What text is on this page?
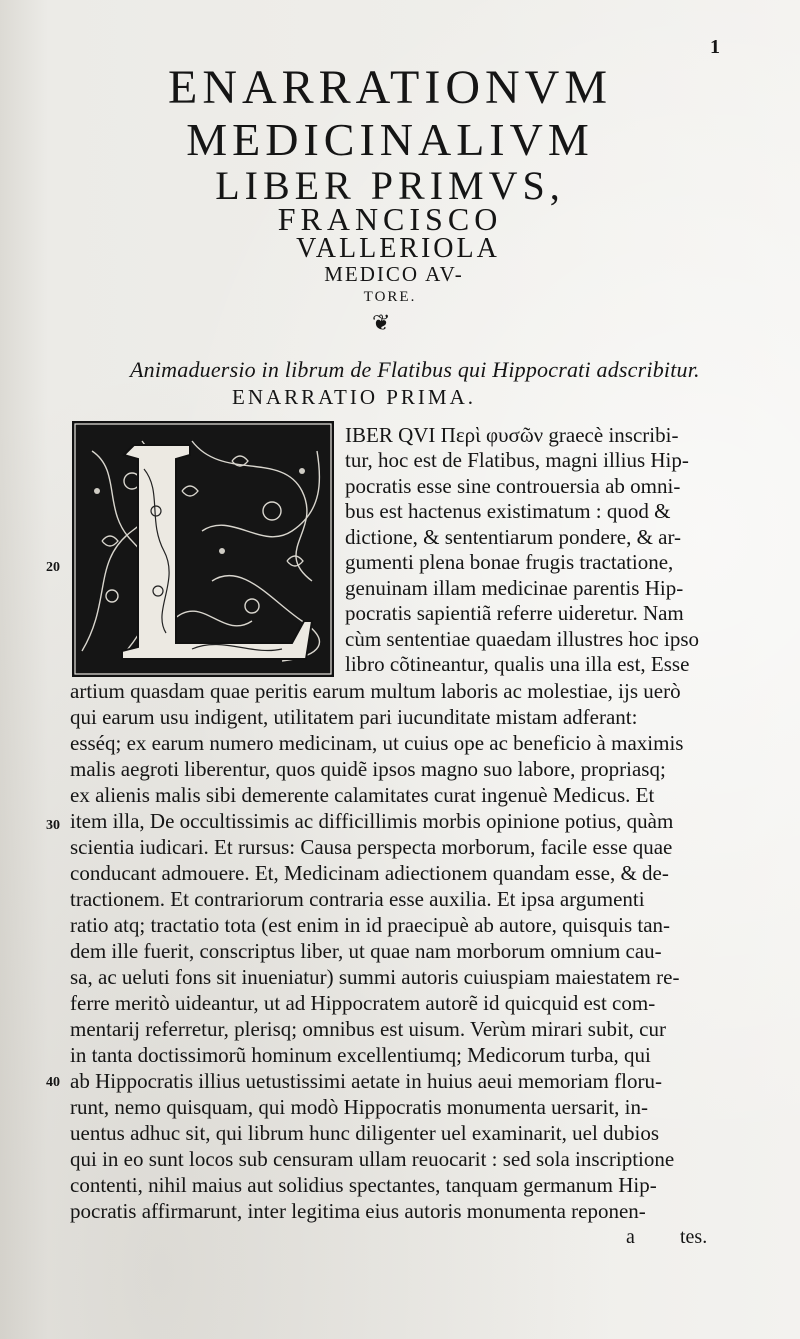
1
ENARRATIONVM
MEDICINALIVM
LIBER PRIMVS,
FRANCISCO
VALLERIOLA
MEDICO AV-
TORE.
❦
Animaduersio in librum de Flatibus qui Hippocrati adscribitur.
ENARRATIO PRIMA.
IBER QVI Περὶ φυσῶν graecè inscribi-
tur, hoc est de Flatibus, magni illius Hip-
pocratis esse sine controuersia ab omni-
bus est hactenus existimatum : quod &
dictione, & sententiarum pondere, & ar-
gumenti plena bonae frugis tractatione,
genuinam illam medicinae parentis Hip-
pocratis sapientiã referre uideretur. Nam
cùm sententiae quaedam illustres hoc ipso
libro cõtineantur, qualis una illa est, Esse
artium quasdam quae peritis earum multum laboris ac molestiae, ijs uerò
qui earum usu indigent, utilitatem pari iucunditate mistam adferant:
esséq; ex earum numero medicinam, ut cuius ope ac beneficio à maximis
malis aegroti liberentur, quos quidẽ ipsos magno suo labore, propriasq;
ex alienis malis sibi demerente calamitates curat ingenuè Medicus. Et
item illa, De occultissimis ac difficillimis morbis opinione potius, quàm
scientia iudicari. Et rursus: Causa perspecta morborum, facile esse quae
conducant admouere. Et, Medicinam adiectionem quandam esse, & de-
tractionem. Et contrariorum contraria esse auxilia. Et ipsa argumenti
ratio atq; tractatio tota (est enim in id praecipuè ab autore, quisquis tan-
dem ille fuerit, conscriptus liber, ut quae nam morborum omnium cau-
sa, ac ueluti fons sit inueniatur) summi autoris cuiuspiam maiestatem re-
ferre meritò uideantur, ut ad Hippocratem autorẽ id quicquid est com-
mentarij referretur, plerisq; omnibus est uisum. Verùm mirari subit, cur
in tanta doctissimorũ hominum excellentiumq; Medicorum turba, qui
ab Hippocratis illius uetustissimi aetate in huius aeui memoriam floru-
runt, nemo quisquam, qui modò Hippocratis monumenta uersarit, in-
uentus adhuc sit, qui librum hunc diligenter uel examinarit, uel dubios
qui in eo sunt locos sub censuram ullam reuocarit : sed sola inscriptione
contenti, nihil maius aut solidius spectantes, tanquam germanum Hip-
pocratis affirmarunt, inter legitima eius autoris monumenta reponen-
20
30
40
a tes.
